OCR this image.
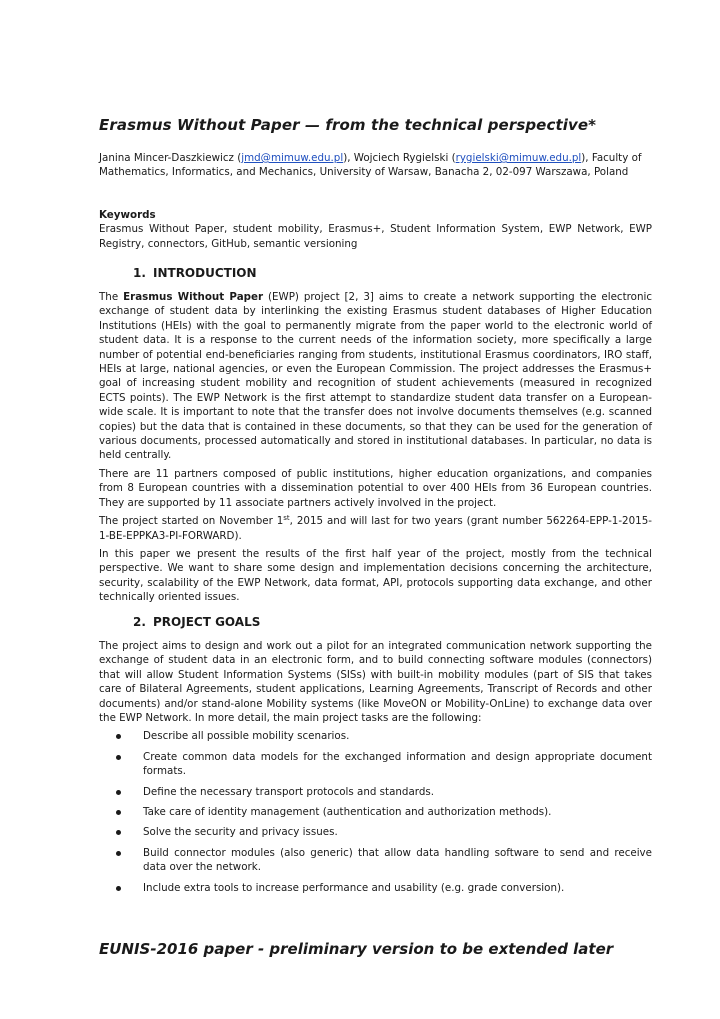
Erasmus Without Paper — from the technical perspective*
Janina Mincer-Daszkiewicz (jmd@mimuw.edu.pl), Wojciech Rygielski (rygielski@mimuw.edu.pl), Faculty of Mathematics, Informatics, and Mechanics, University of Warsaw, Banacha 2, 02-097 Warszawa, Poland
Keywords
Erasmus Without Paper, student mobility, Erasmus+, Student Information System, EWP Network, EWP Registry, connectors, GitHub, semantic versioning
1. INTRODUCTION

The Erasmus Without Paper (EWP) project [2, 3] aims to create a network supporting the electronic exchange of student data by interlinking the existing Erasmus student databases of Higher Education Institutions (HEIs) with the goal to permanently migrate from the paper world to the electronic world of student data. It is a response to the current needs of the information society, more specifically a large number of potential end-beneficiaries ranging from students, institutional Erasmus coordinators, IRO staff, HEIs at large, national agencies, or even the European Commission. The project addresses the Erasmus+ goal of increasing student mobility and recognition of student achievements (measured in recognized ECTS points). The EWP Network is the first attempt to standardize student data transfer on a European-wide scale. It is important to note that the transfer does not involve documents themselves (e.g. scanned copies) but the data that is contained in these documents, so that they can be used for the generation of various documents, processed automatically and stored in institutional databases. In particular, no data is held centrally.

There are 11 partners composed of public institutions, higher education organizations, and companies from 8 European countries with a dissemination potential to over 400 HEIs from 36 European countries. They are supported by 11 associate partners actively involved in the project.

The project started on November 1st, 2015 and will last for two years (grant number 562264-EPP-1-2015-1-BE-EPPKA3-PI-FORWARD).

In this paper we present the results of the first half year of the project, mostly from the technical perspective. We want to share some design and implementation decisions concerning the architecture, security, scalability of the EWP Network, data format, API, protocols supporting data exchange, and other technically oriented issues.

2. PROJECT GOALS

The project aims to design and work out a pilot for an integrated communication network supporting the exchange of student data in an electronic form, and to build connecting software modules (connectors) that will allow Student Information Systems (SISs) with built-in mobility modules (part of SIS that takes care of Bilateral Agreements, student applications, Learning Agreements, Transcript of Records and other documents) and/or stand-alone Mobility systems (like MoveON or Mobility-OnLine) to exchange data over the EWP Network. In more detail, the main project tasks are the following:

Describe all possible mobility scenarios.
Create common data models for the exchanged information and design appropriate document formats.
Define the necessary transport protocols and standards.
Take care of identity management (authentication and authorization methods).
Solve the security and privacy issues.
Build connector modules (also generic) that allow data handling software to send and receive data over the network.
Include extra tools to increase performance and usability (e.g. grade conversion).
EUNIS-2016 paper - preliminary version to be extended later
